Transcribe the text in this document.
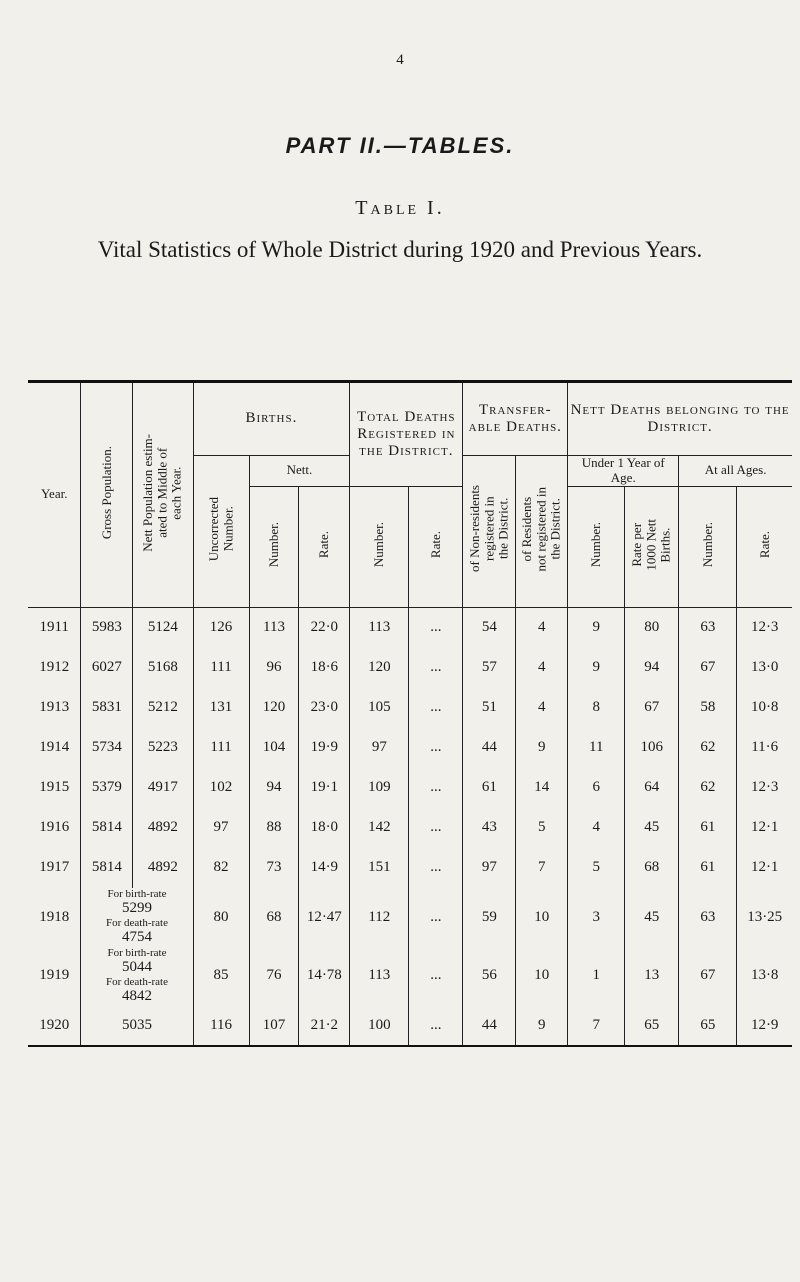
4
PART II.—TABLES.
Table I.
Vital Statistics of Whole District during 1920 and Previous Years.
Year.	Gross Population.	Nett Population estim-
ated to Middle of
each Year.	Births.			Total Deaths Registered in the District.		Transfer-able Deaths.		Nett Deaths belonging to the District.			
			Uncorrected
Number.	Nett.				of Non-residents
registered in
the District.	of Residents
not registered in
the District.	Under 1 Year of Age.		At all Ages.	
				Number.	Rate.	Number.	Rate.			Number.	Rate per
1000 Nett
Births.	Number.	Rate.
1911	5983	5124	126	113	22·0	113	...	54	4	9	80	63	12·3
1912	6027	5168	111	96	18·6	120	...	57	4	9	94	67	13·0
1913	5831	5212	131	120	23·0	105	...	51	4	8	67	58	10·8
1914	5734	5223	111	104	19·9	97	...	44	9	11	106	62	11·6
1915	5379	4917	102	94	19·1	109	...	61	14	6	64	62	12·3
1916	5814	4892	97	88	18·0	142	...	43	5	4	45	61	12·1
1917	5814	4892	82	73	14·9	151	...	97	7	5	68	61	12·1
1918	For birth-rate
5299
For death-rate
4754		80	68	12·47	112	...	59	10	3	45	63	13·25
1919	For birth-rate
5044
For death-rate
4842		85	76	14·78	113	...	56	10	1	13	67	13·8
1920	5035		116	107	21·2	100	...	44	9	7	65	65	12·9
